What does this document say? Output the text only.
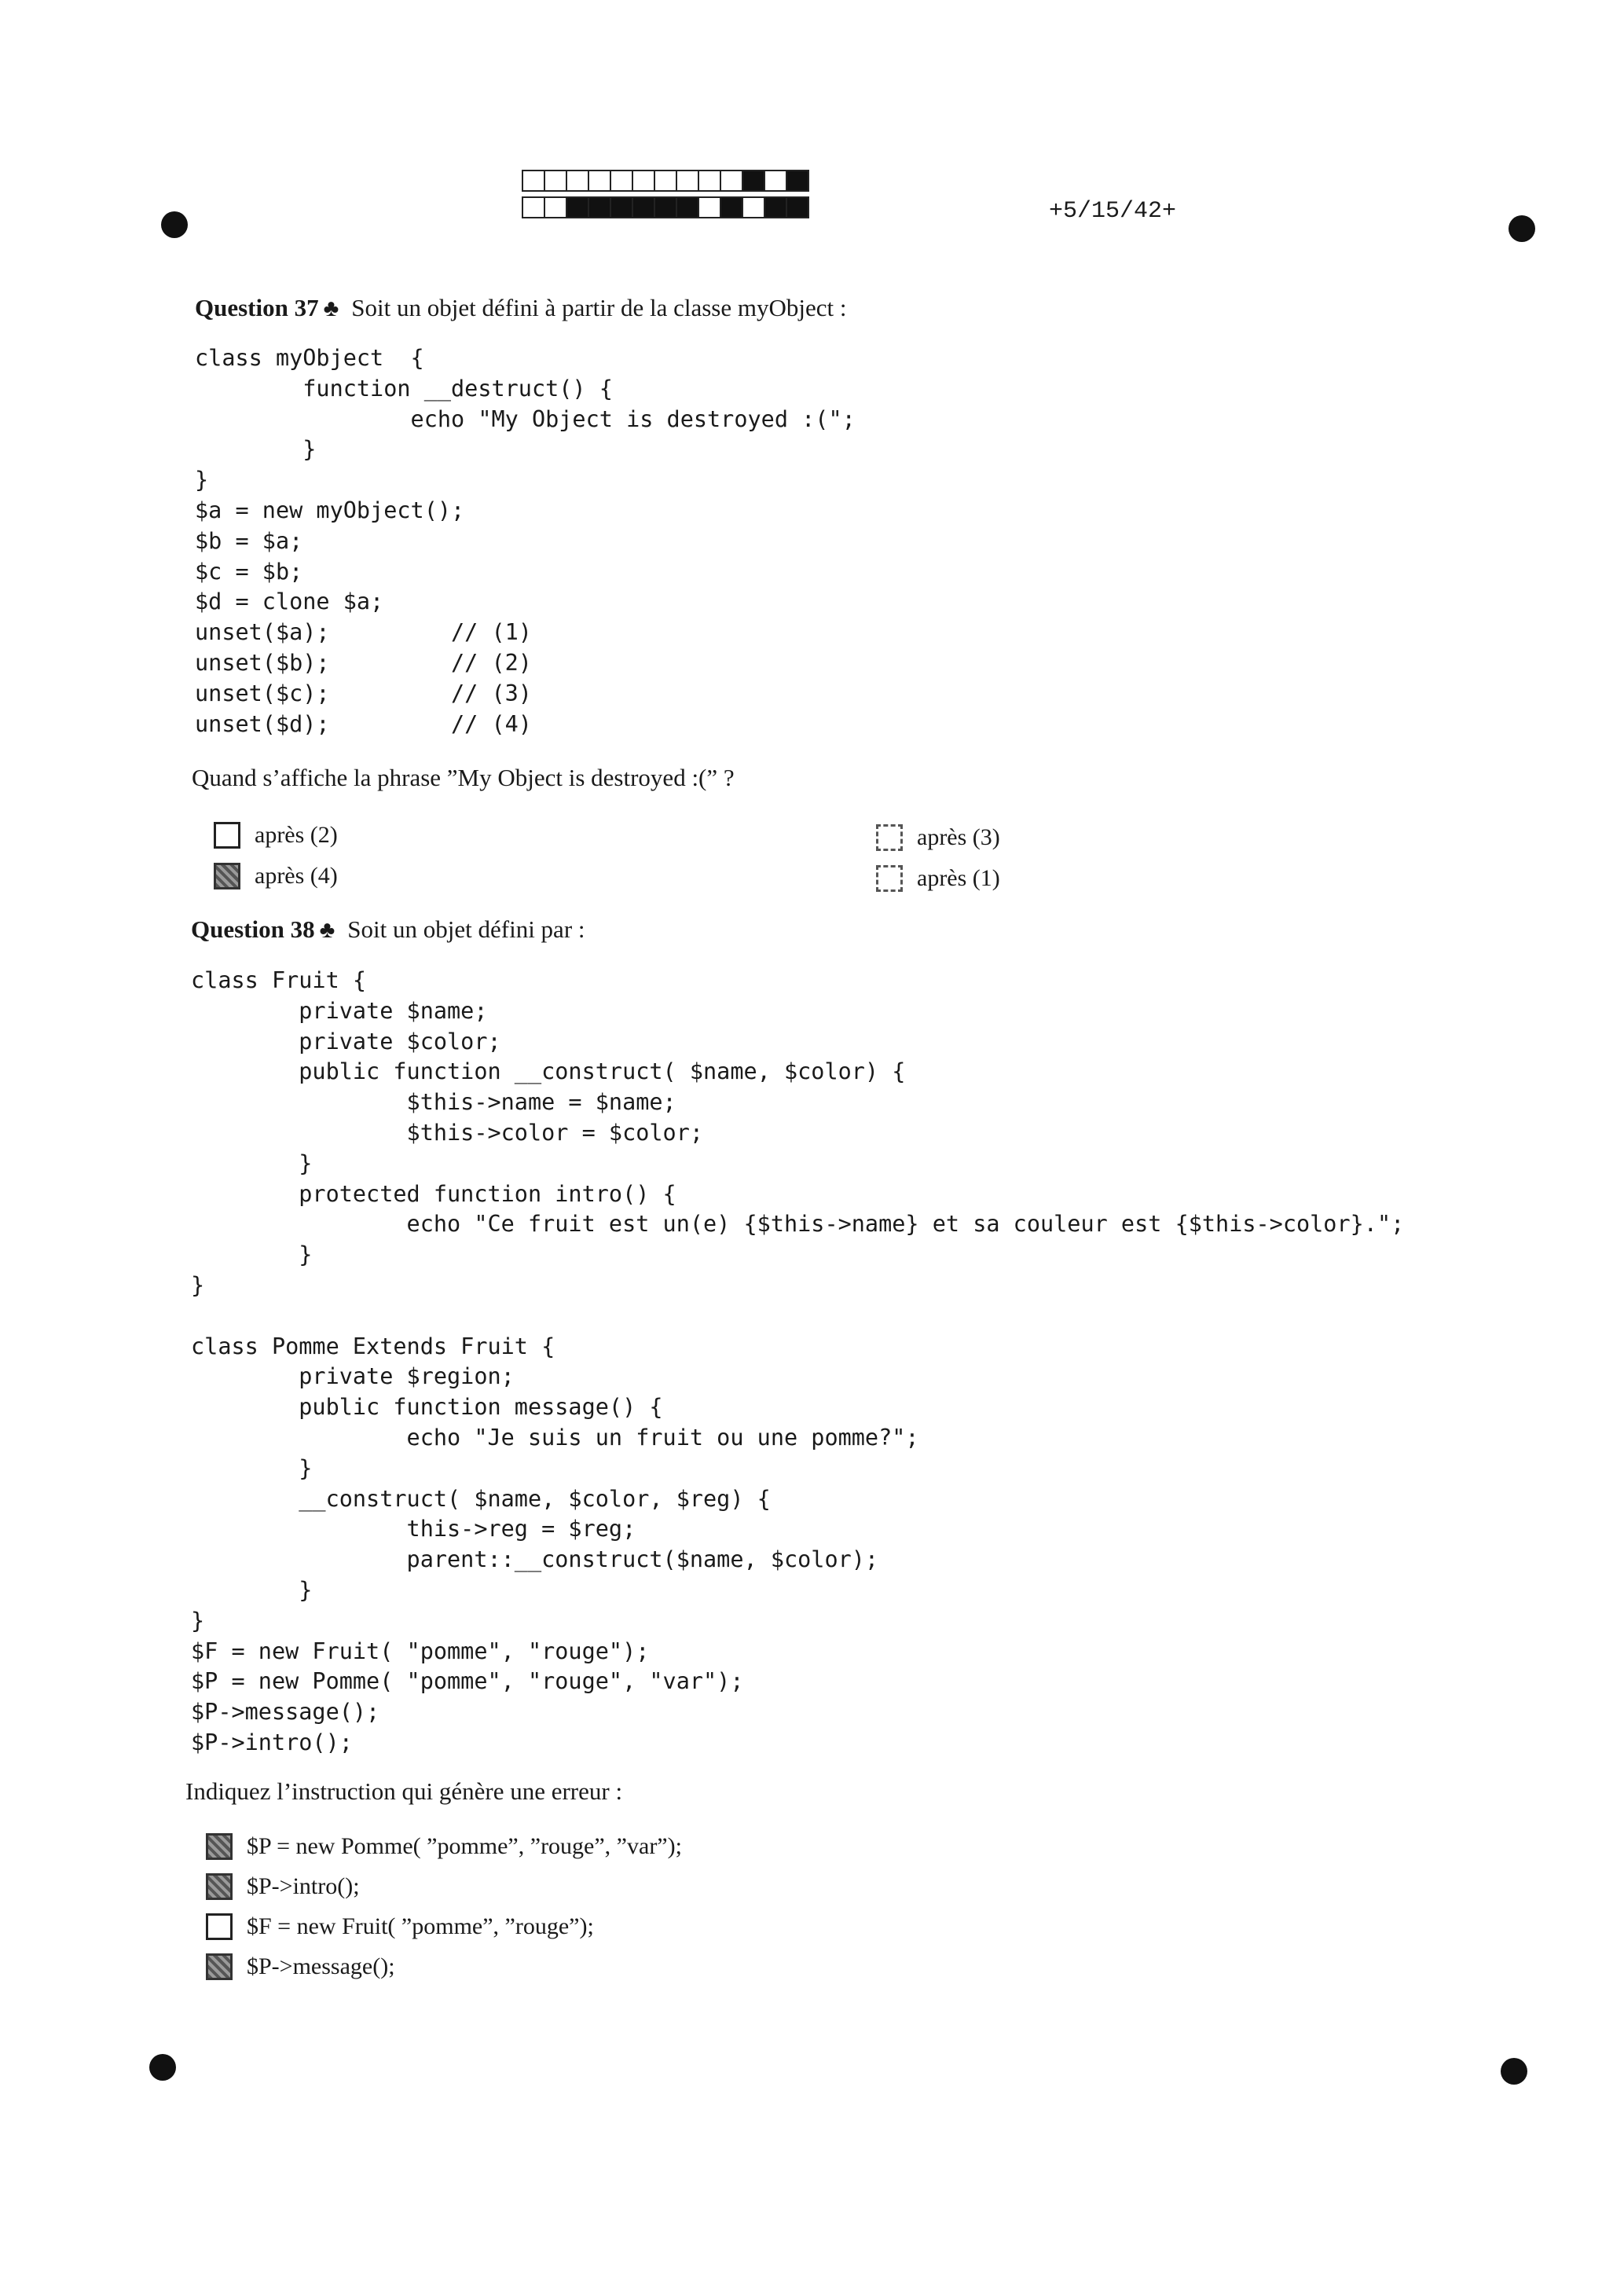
+5/15/42+
Question 37 ♣ Soit un objet défini à partir de la classe myObject :
class myObject  {
function __destruct() {
echo "My Object is destroyed :(";
}
}
$a = new myObject();
$b = $a;
$c = $b;
$d = clone $a;
unset($a);         // (1)
unset($b);         // (2)
unset($c);         // (3)
unset($d);         // (4)
Quand s’affiche la phrase ”My Object is destroyed :(” ?
après (2)
après (4)
après (3)
après (1)
Question 38 ♣ Soit un objet défini par :
class Fruit {
private $name;
private $color;
public function __construct( $name, $color) {
$this->name = $name;
$this->color = $color;
}
protected function intro() {
echo "Ce fruit est un(e) {$this->name} et sa couleur est {$this->color}.";
}
}

class Pomme Extends Fruit {
private $region;
public function message() {
echo "Je suis un fruit ou une pomme?";
}
__construct( $name, $color, $reg) {
this->reg = $reg;
parent::__construct($name, $color);
}
}
$F = new Fruit( "pomme", "rouge");
$P = new Pomme( "pomme", "rouge", "var");
$P->message();
$P->intro();
Indiquez l’instruction qui génère une erreur :
$P = new Pomme( ”pomme”, ”rouge”, ”var”);
$P->intro();
$F = new Fruit( ”pomme”, ”rouge”);
$P->message();
